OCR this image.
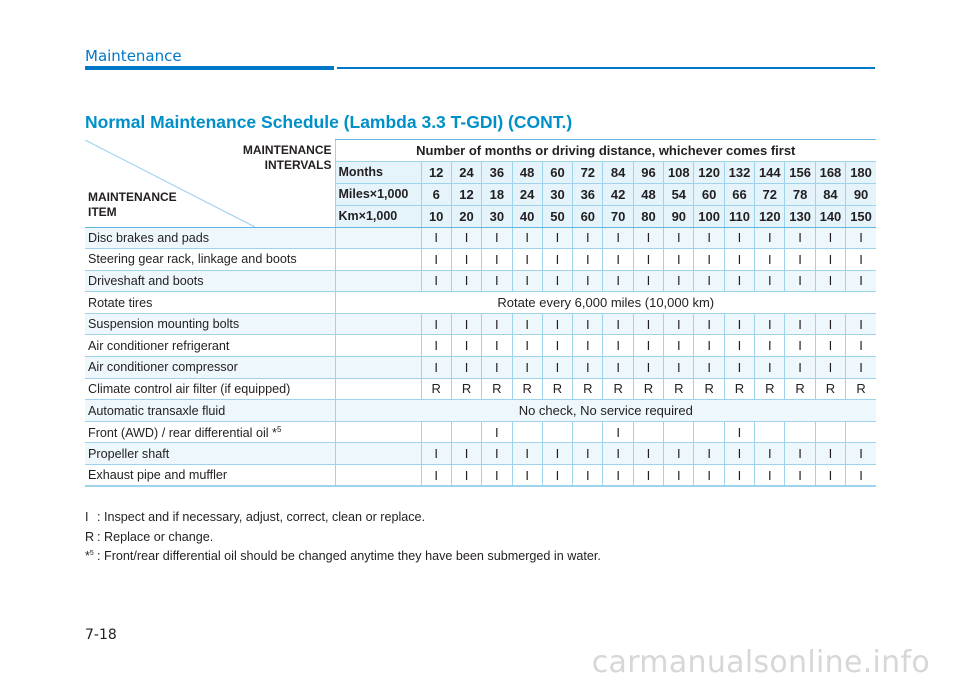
Maintenance
Normal Maintenance Schedule (Lambda 3.3 T-GDI) (CONT.)
MAINTENANCE
INTERVALS
MAINTENANCE
ITEM	Number of months or driving distance, whichever comes first															
	Months	12	24	36	48	60	72	84	96	108	120	132	144	156	168	180
	Miles×1,000	6	12	18	24	30	36	42	48	54	60	66	72	78	84	90
	Km×1,000	10	20	30	40	50	60	70	80	90	100	110	120	130	140	150
Disc brakes and pads		I	I	I	I	I	I	I	I	I	I	I	I	I	I	I
Steering gear rack, linkage and boots		I	I	I	I	I	I	I	I	I	I	I	I	I	I	I
Driveshaft and boots		I	I	I	I	I	I	I	I	I	I	I	I	I	I	I
Rotate tires	Rotate every 6,000 miles (10,000 km)															
Suspension mounting bolts		I	I	I	I	I	I	I	I	I	I	I	I	I	I	I
Air conditioner refrigerant		I	I	I	I	I	I	I	I	I	I	I	I	I	I	I
Air conditioner compressor		I	I	I	I	I	I	I	I	I	I	I	I	I	I	I
Climate control air filter (if equipped)		R	R	R	R	R	R	R	R	R	R	R	R	R	R	R
Automatic transaxle fluid	No check, No service required															
Front (AWD) / rear differential oil *$^5$				I				I				I				
Propeller shaft		I	I	I	I	I	I	I	I	I	I	I	I	I	I	I
Exhaust pipe and muffler		I	I	I	I	I	I	I	I	I	I	I	I	I	I	I
I : Inspect and if necessary, adjust, correct, clean or replace.
R : Replace or change.
*$^5$ : Front/rear differential oil should be changed anytime they have been submerged in water.
7-18
carmanualsonline.info
